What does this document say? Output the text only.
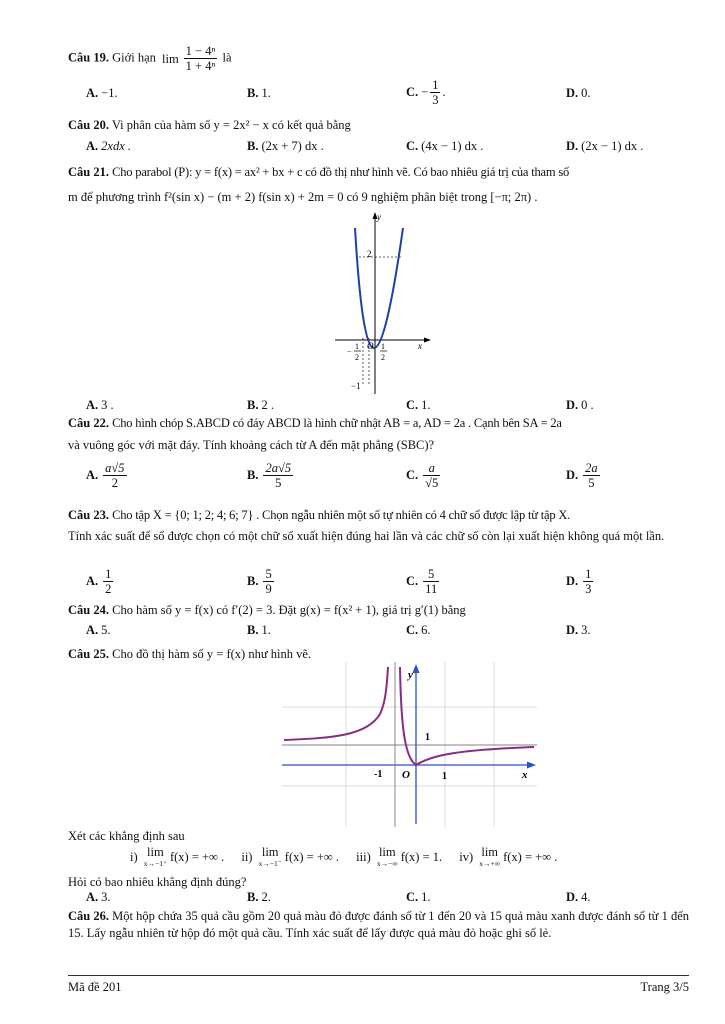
Câu 19. Giới hạn $\lim \frac{\text{1 − 4ⁿ}}{\text{1 + 4ⁿ}}$ là
A. −1.	B. 1.	C. − $\frac{1}{3}$ .	D. 0.
Câu 20. Vi phân của hàm số y = 2x² − x có kết quả bằng
A. 2xdx .	B. (2x + 7) dx .	C. (4x − 1) dx .	D. (2x − 1) dx .
Câu 21. Cho parabol (P): y = f(x) = ax² + bx + c có đồ thị như hình vẽ. Có bao nhiêu giá trị của tham số
m để phương trình f²(sin x) − (m + 2) f(sin x) + 2m = 0 có 9 nghiệm phân biệt trong [−π; 2π) .
y
x
2
O 1
2
−
1
2
−1
A. 3 .	B. 2 .	C. 1.	D. 0 .
Câu 22. Cho hình chóp S.ABCD có đáy ABCD là hình chữ nhật AB = a, AD = 2a . Cạnh bên SA = 2a
và vuông góc với mặt đáy. Tính khoảng cách từ A đến mặt phẳng (SBC)?
A. $\frac{a√5}{2}$	B. $\frac{2a√5}{5}$	C. $\frac{a}{√5}$	D. $\frac{2a}{5}$
Câu 23. Cho tập X = {0; 1; 2; 4; 6; 7} . Chọn ngẫu nhiên một số tự nhiên có 4 chữ số được lập từ tập X.
Tính xác suất để số được chọn có một chữ số xuất hiện đúng hai lần và các chữ số còn lại xuất hiện không quá một lần.
A. $\frac{1}{2}$	B. $\frac{5}{9}$	C. $\frac{5}{11}$	D. $\frac{1}{3}$
Câu 24. Cho hàm số y = f(x) có f′(2) = 3. Đặt g(x) = f(x² + 1), giá trị g′(1) bằng
A. 5.	B. 1.	C. 6.	D. 3.
Câu 25. Cho đồ thị hàm số y = f(x) như hình vẽ.
y
x
O	1
-1
1
Xét các khẳng định sau
i) lim
x→−1⁺ f(x) = +∞ . ii) lim
x→−1⁻ f(x) = +∞ . iii) lim
x→−∞ f(x) = 1. iv) lim
x→+∞ f(x) = +∞ .
Hỏi có bao nhiêu khẳng định đúng?
A. 3.	B. 2.	C. 1.	D. 4.
Câu 26. Một hộp chứa 35 quả cầu gồm 20 quả màu đỏ được đánh số từ 1 đến 20 và 15 quả màu xanh được đánh số từ 1 đến 15. Lấy ngẫu nhiên từ hộp đó một quả cầu. Tính xác suất để lấy được quả màu đỏ hoặc ghi số lẻ.
Mã đề 201	Trang 3/5
